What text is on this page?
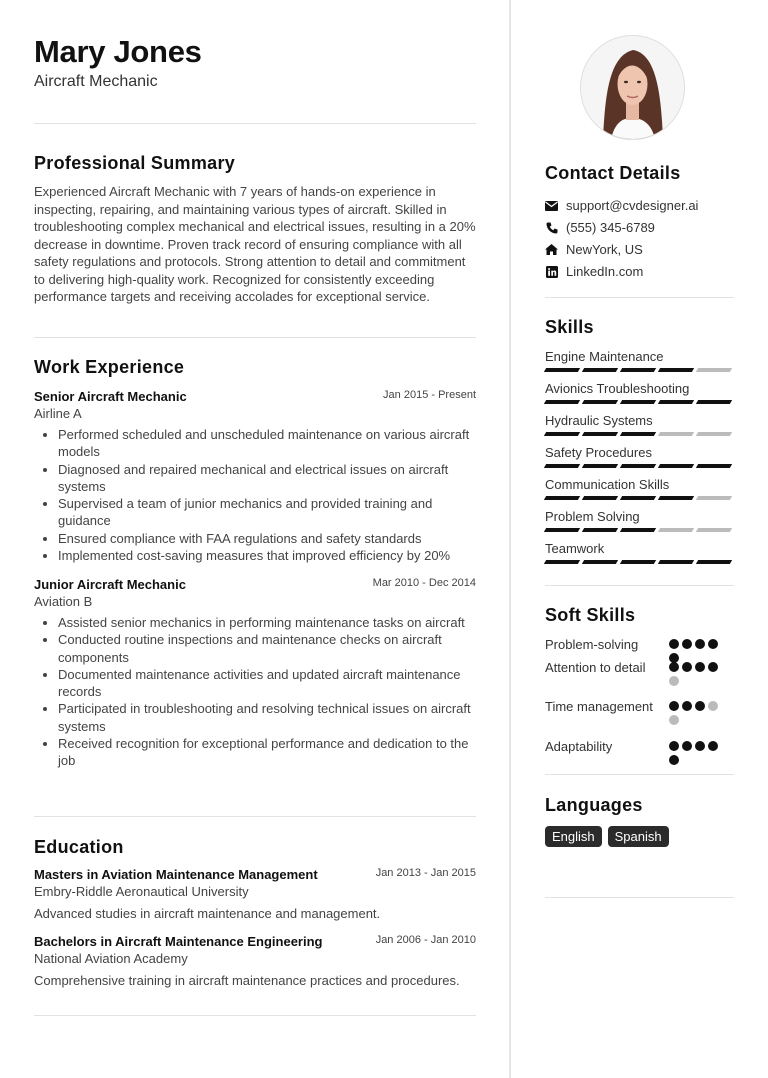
Mary Jones
Aircraft Mechanic
Professional Summary
Experienced Aircraft Mechanic with 7 years of hands-on experience in inspecting, repairing, and maintaining various types of aircraft. Skilled in troubleshooting complex mechanical and electrical issues, resulting in a 20% decrease in downtime. Proven track record of ensuring compliance with all safety regulations and protocols. Strong attention to detail and commitment to delivering high-quality work. Recognized for consistently exceeding performance targets and receiving accolades for exceptional service.
Work Experience
Senior Aircraft Mechanic	Jan 2015 - Present
Airline A
• Performed scheduled and unscheduled maintenance on various aircraft models
• Diagnosed and repaired mechanical and electrical issues on aircraft systems
• Supervised a team of junior mechanics and provided training and guidance
• Ensured compliance with FAA regulations and safety standards
• Implemented cost-saving measures that improved efficiency by 20%
Junior Aircraft Mechanic	Mar 2010 - Dec 2014
Aviation B
• Assisted senior mechanics in performing maintenance tasks on aircraft
• Conducted routine inspections and maintenance checks on aircraft components
• Documented maintenance activities and updated aircraft maintenance records
• Participated in troubleshooting and resolving technical issues on aircraft systems
• Received recognition for exceptional performance and dedication to the job
Education
Masters in Aviation Maintenance Management	Jan 2013 - Jan 2015
Embry-Riddle Aeronautical University
Advanced studies in aircraft maintenance and management.
Bachelors in Aircraft Maintenance Engineering	Jan 2006 - Jan 2010
National Aviation Academy
Comprehensive training in aircraft maintenance practices and procedures.
Contact Details
support@cvdesigner.ai
(555) 345-6789
NewYork, US
LinkedIn.com
Skills
Engine Maintenance
Avionics Troubleshooting
Hydraulic Systems
Safety Procedures
Communication Skills
Problem Solving
Teamwork
Soft Skills
Problem-solving
Attention to detail
Time management
Adaptability
Languages
English	Spanish
